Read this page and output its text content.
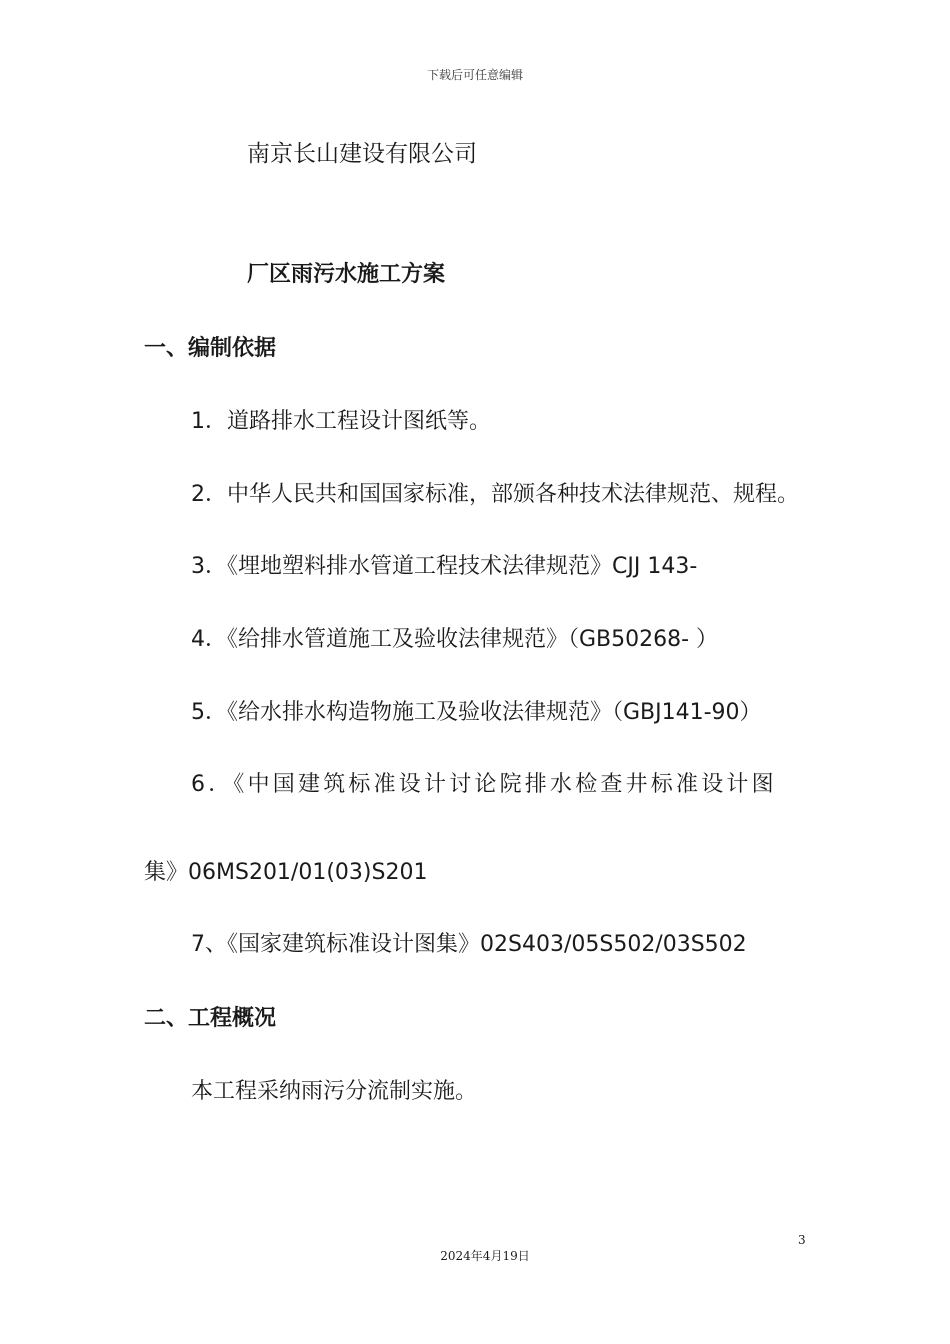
下载后可任意编辑
南京长山建设有限公司
厂区雨污水施工方案
一、编制依据
1．道路排水工程设计图纸等。
2．中华人民共和国国家标准，部颁各种技术法律规范、规程。
3．《埋地塑料排水管道工程技术法律规范》CJJ 143-
4．《给排水管道施工及验收法律规范》（GB50268- ）
5．《给水排水构造物施工及验收法律规范》（GBJ141-90）
6．《中国建筑标准设计讨论院排水检查井标准设计图
集》06MS201/01(03)S201
7、《国家建筑标准设计图集》02S403/05S502/03S502
二、工程概况
本工程采纳雨污分流制实施。
3
2024年4月19日
